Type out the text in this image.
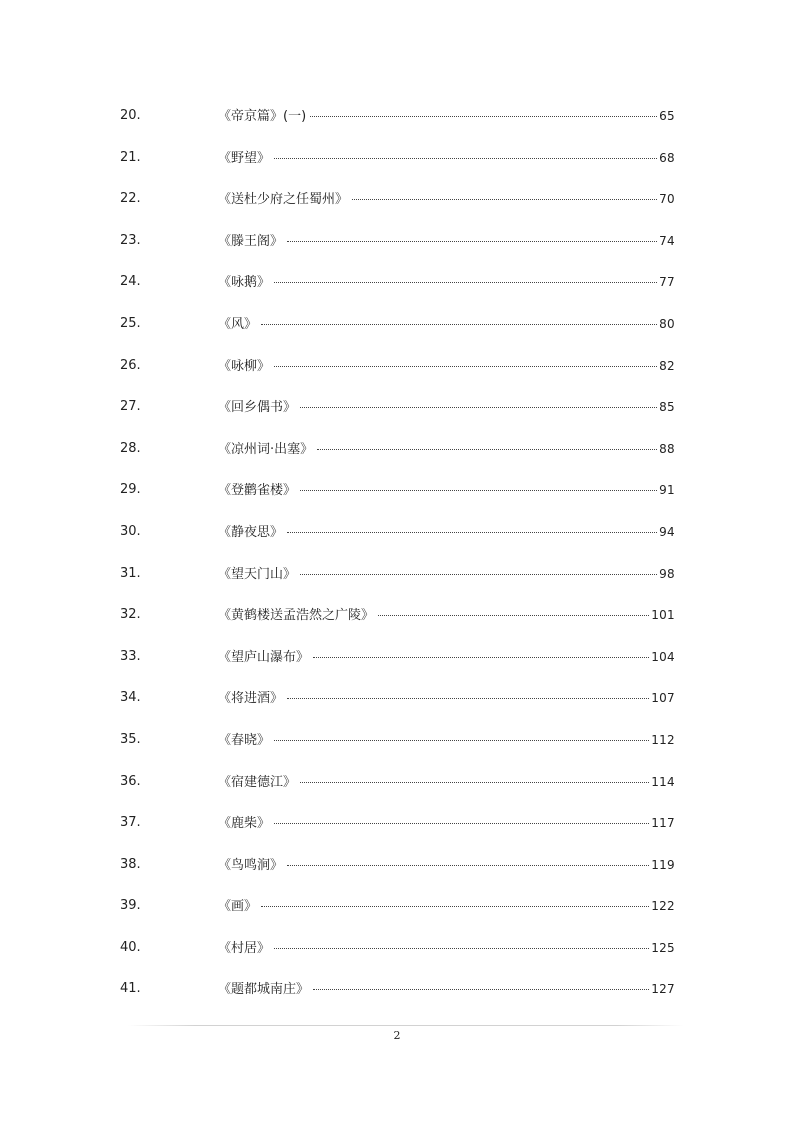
20.	《帝京篇》(一)	65
21.	《野望》	68
22.	《送杜少府之任蜀州》	70
23.	《滕王阁》	74
24.	《咏鹅》	77
25.	《风》	80
26.	《咏柳》	82
27.	《回乡偶书》	85
28.	《凉州词·出塞》	88
29.	《登鹳雀楼》	91
30.	《静夜思》	94
31.	《望天门山》	98
32.	《黄鹤楼送孟浩然之广陵》	101
33.	《望庐山瀑布》	104
34.	《将进酒》	107
35.	《春晓》	112
36.	《宿建德江》	114
37.	《鹿柴》	117
38.	《鸟鸣涧》	119
39.	《画》	122
40.	《村居》	125
41.	《题都城南庄》	127
2
